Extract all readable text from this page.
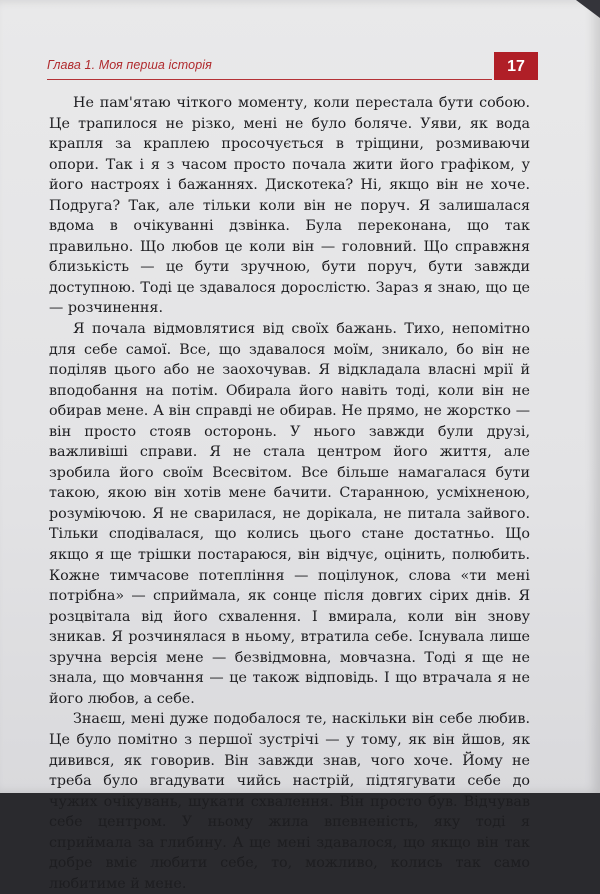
Глава 1. Моя перша історія	17

Не пам'ятаю чіткого моменту, коли перестала бути собою. Це трапилося не різко, мені не було боляче. Уяви, як вода крапля за краплею просочується в тріщини, розмиваючи опори. Так і я з часом просто почала жити його графіком, у його настроях і бажаннях. Дискотека? Ні, якщо він не хоче. Подруга? Так, але тільки коли він не поруч. Я залишалася вдома в очікуванні дзвінка. Була переконана, що так правильно. Що любов це коли він — головний. Що справжня близькість — це бути зручною, бути поруч, бути завжди доступною. Тоді це здавалося дорослістю. Зараз я знаю, що це — розчинення.

Я почала відмовлятися від своїх бажань. Тихо, непомітно для себе самої. Все, що здавалося моїм, зникало, бо він не поділяв цього або не заохочував. Я відкладала власні мрії й вподобання на потім. Обирала його навіть тоді, коли він не обирав мене. А він справді не обирав. Не прямо, не жорстко — він просто стояв осторонь. У нього завжди були друзі, важливіші справи. Я не стала центром його життя, але зробила його своїм Всесвітом. Все більше намагалася бути такою, якою він хотів мене бачити. Старанною, усміхненою, розуміючою. Я не сварилася, не дорікала, не питала зайвого. Тільки сподівалася, що колись цього стане достатньо. Що якщо я ще трішки постараюся, він відчує, оцінить, полюбить. Кожне тимчасове потепління — поцілунок, слова «ти мені потрібна» — сприймала, як сонце після довгих сірих днів. Я розцвітала від його схвалення. І вмирала, коли він знову зникав. Я розчинялася в ньому, втратила себе. Існувала лише зручна версія мене — безвідмовна, мовчазна. Тоді я ще не знала, що мовчання — це також відповідь. І що втрачала я не його любов, а себе.

Знаєш, мені дуже подобалося те, наскільки він себе любив. Це було помітно з першої зустрічі — у тому, як він йшов, як дивився, як говорив. Він завжди знав, чого хоче. Йому не треба було вгадувати чийсь настрій, підтягувати себе до чужих очікувань, шукати схвалення. Він просто був. Відчував себе центром. У ньому жила впевненість, яку тоді я сприймала за глибину. А ще мені здавалося, що якщо він так добре вміє любити себе, то, можливо, колись так само любитиме й мене.
